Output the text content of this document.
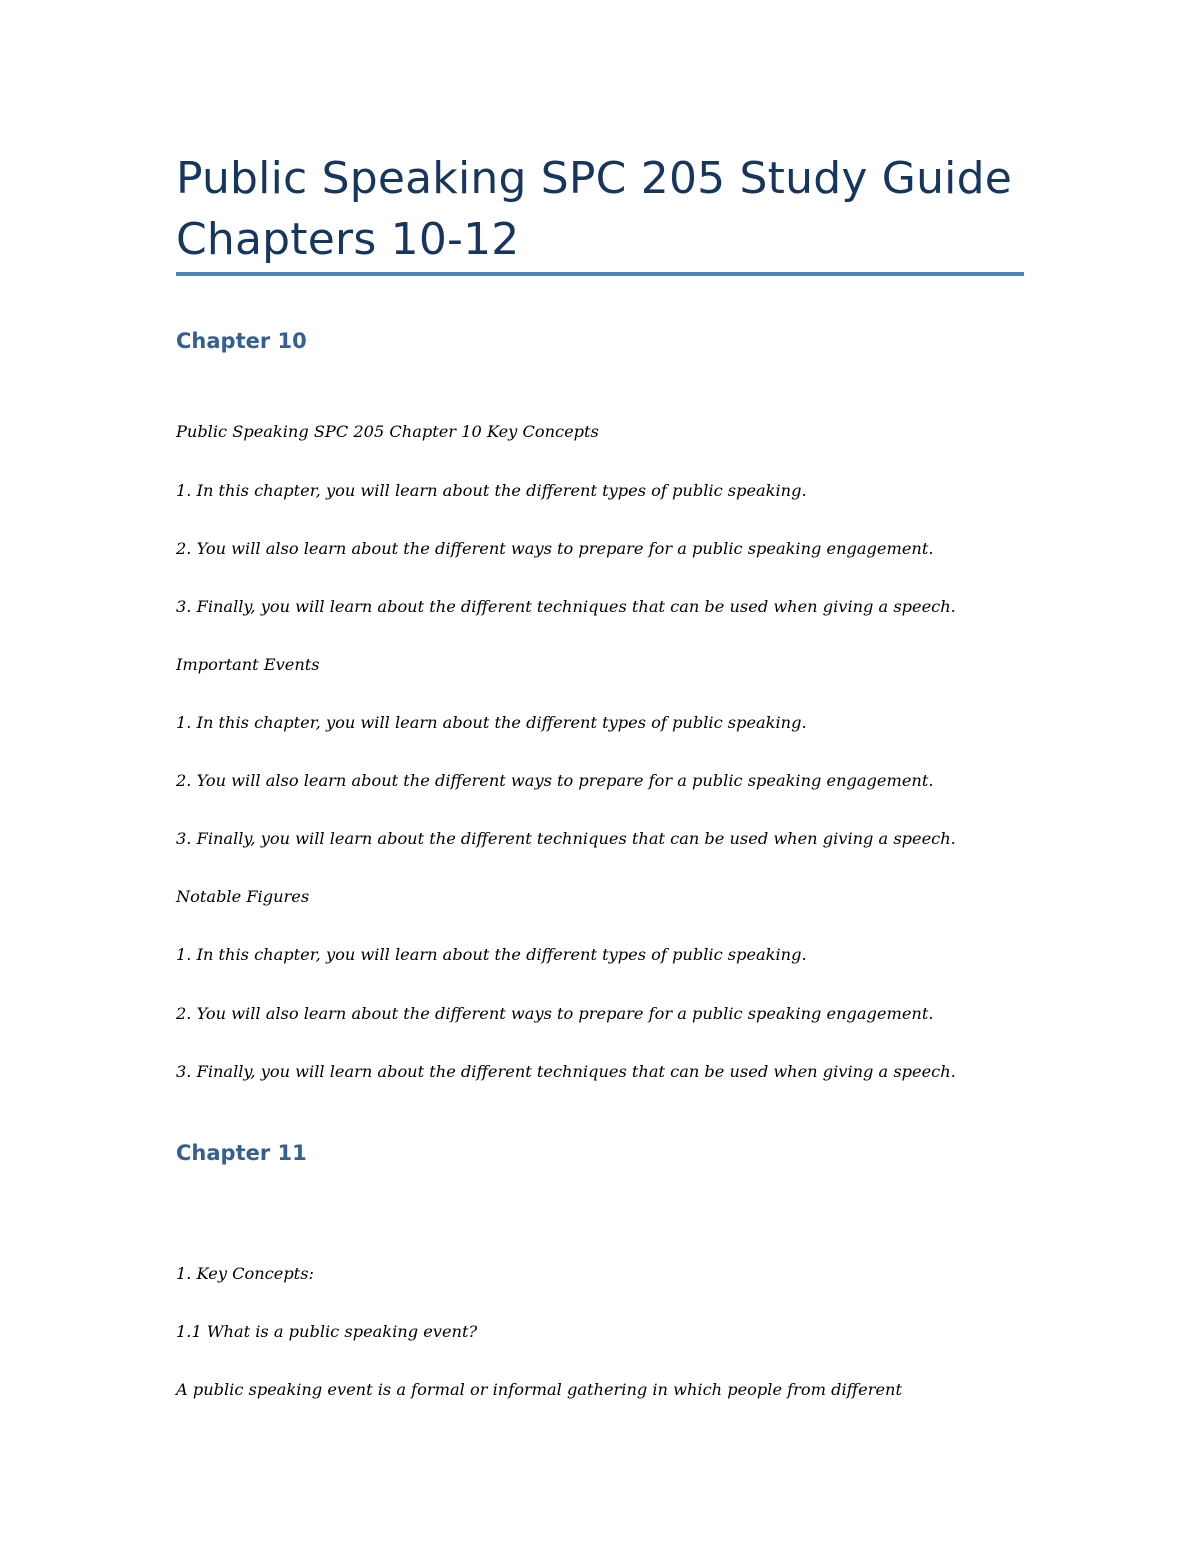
Public Speaking SPC 205 Study Guide
Chapters 10-12
Chapter 10
Public Speaking SPC 205 Chapter 10 Key Concepts
1. In this chapter, you will learn about the different types of public speaking.
2. You will also learn about the different ways to prepare for a public speaking engagement.
3. Finally, you will learn about the different techniques that can be used when giving a speech.
Important Events
1. In this chapter, you will learn about the different types of public speaking.
2. You will also learn about the different ways to prepare for a public speaking engagement.
3. Finally, you will learn about the different techniques that can be used when giving a speech.
Notable Figures
1. In this chapter, you will learn about the different types of public speaking.
2. You will also learn about the different ways to prepare for a public speaking engagement.
3. Finally, you will learn about the different techniques that can be used when giving a speech.
Chapter 11
1. Key Concepts:
1.1 What is a public speaking event?
A public speaking event is a formal or informal gathering in which people from different
